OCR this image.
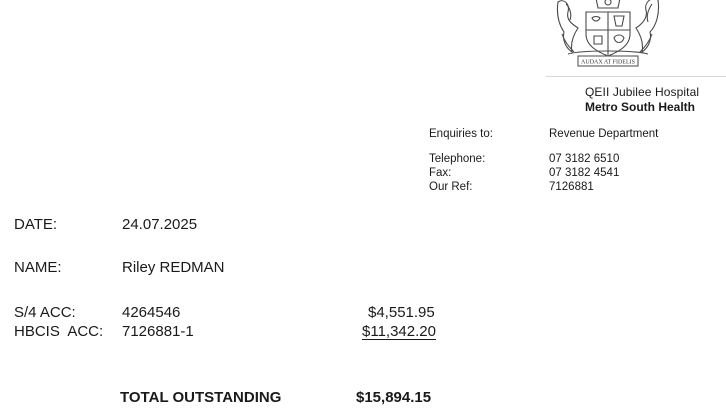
AUDAX AT FIDELIS
QEII Jubilee Hospital
Metro South Health
Enquiries to:	Revenue Department
Telephone:	07 3182 6510
Fax:	07 3182 4541
Our Ref:	7126881
DATE:	24.07.2025
NAME:	Riley REDMAN
S/4 ACC:	4264546	$4,551.95
HBCIS  ACC: 7126881-1	$11,342.20
TOTAL OUTSTANDING	$15,894.15
